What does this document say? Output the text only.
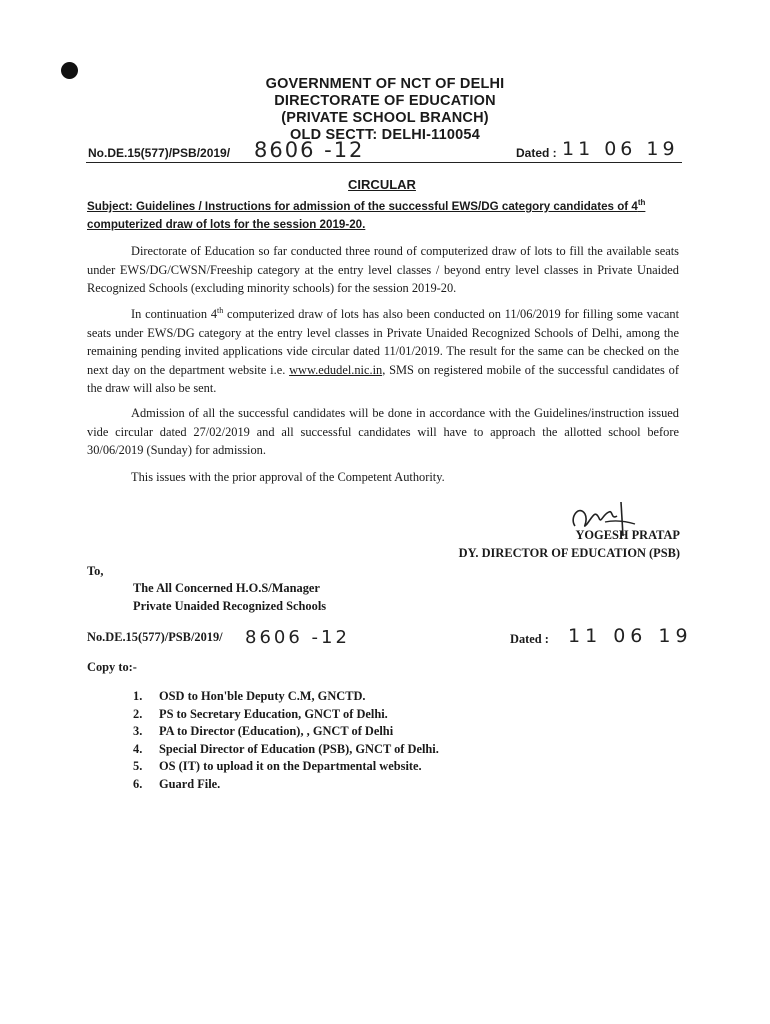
GOVERNMENT OF NCT OF DELHI
DIRECTORATE OF EDUCATION
(PRIVATE SCHOOL BRANCH)
OLD SECTT: DELHI-110054
No.DE.15(577)/PSB/2019/ 8606 -12	Dated : 11 06 19
CIRCULAR
Subject: Guidelines / Instructions for admission of the successful EWS/DG category candidates of 4th computerized draw of lots for the session 2019-20.

Directorate of Education so far conducted three round of computerized draw of lots to fill the available seats under EWS/DG/CWSN/Freeship category at the entry level classes / beyond entry level classes in Private Unaided Recognized Schools (excluding minority schools) for the session 2019-20.

In continuation 4th computerized draw of lots has also been conducted on 11/06/2019 for filling some vacant seats under EWS/DG category at the entry level classes in Private Unaided Recognized Schools of Delhi, among the remaining pending invited applications vide circular dated 11/01/2019. The result for the same can be checked on the next day on the department website i.e. www.edudel.nic.in, SMS on registered mobile of the successful candidates of the draw will also be sent.

Admission of all the successful candidates will be done in accordance with the Guidelines/instruction issued vide circular dated 27/02/2019 and all successful candidates will have to approach the allotted school before 30/06/2019 (Sunday) for admission.

This issues with the prior approval of the Competent Authority.

YOGESH PRATAP
DY. DIRECTOR OF EDUCATION (PSB)
To,
The All Concerned H.O.S/Manager
Private Unaided Recognized Schools
No.DE.15(577)/PSB/2019/ 8606 -12	Dated : 11 06 19
Copy to:-
1. OSD to Hon'ble Deputy C.M, GNCTD.
2. PS to Secretary Education, GNCT of Delhi.
3. PA to Director (Education), , GNCT of Delhi
4. Special Director of Education (PSB), GNCT of Delhi.
5. OS (IT) to upload it on the Departmental website.
6. Guard File.
